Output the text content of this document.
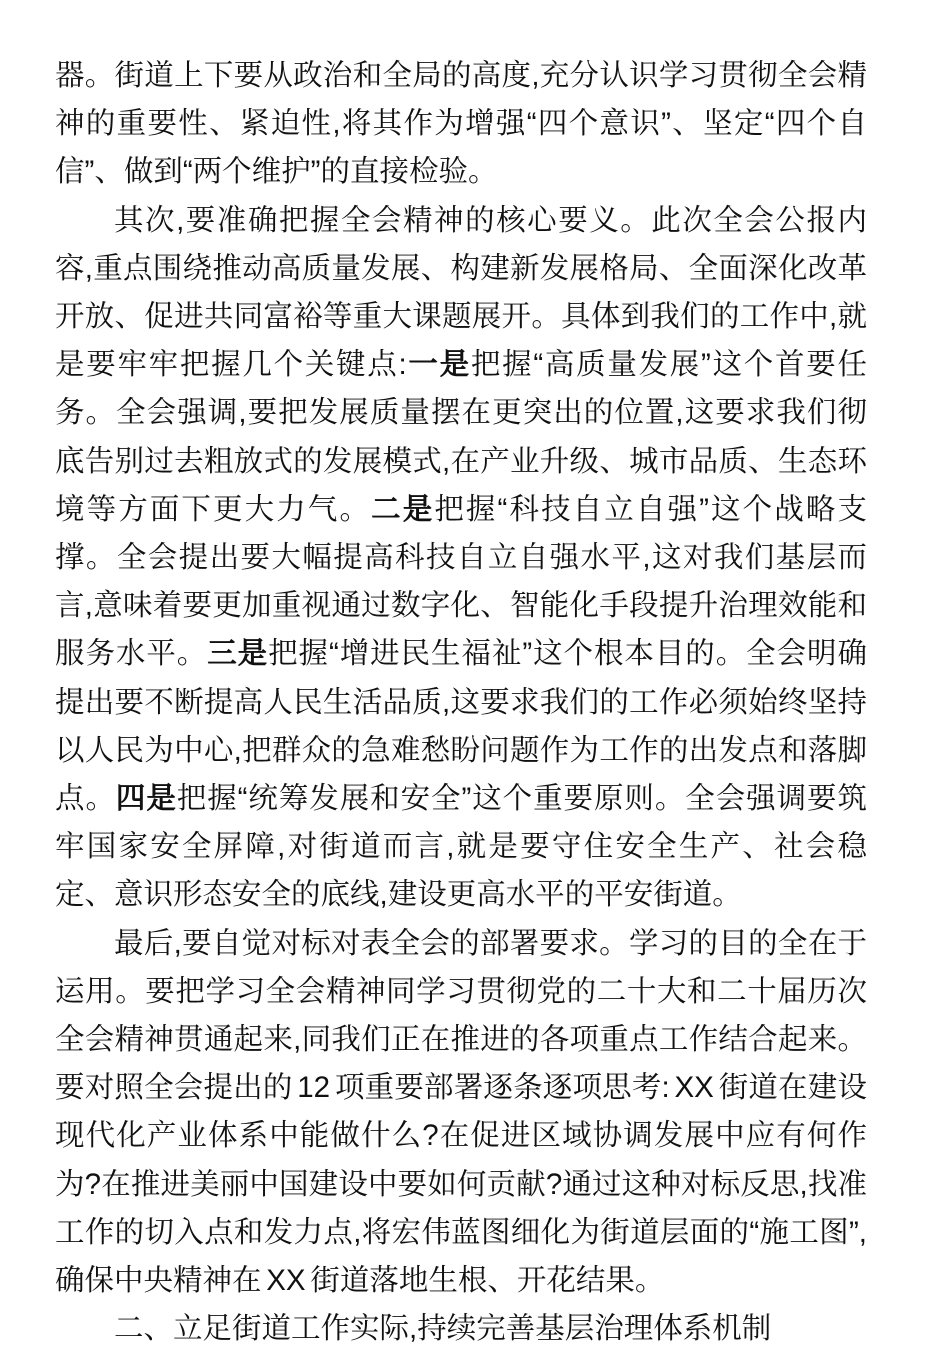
器。街道上下要从政治和全局的高度,充分认识学习贯彻全会精神的重要性、紧迫性,将其作为增强“四个意识”、坚定“四个自信”、做到“两个维护”的直接检验。

其次,要准确把握全会精神的核心要义。此次全会公报内容,重点围绕推动高质量发展、构建新发展格局、全面深化改革开放、促进共同富裕等重大课题展开。具体到我们的工作中,就是要牢牢把握几个关键点:一是把握“高质量发展”这个首要任务。全会强调,要把发展质量摆在更突出的位置,这要求我们彻底告别过去粗放式的发展模式,在产业升级、城市品质、生态环境等方面下更大力气。二是把握“科技自立自强”这个战略支撑。全会提出要大幅提高科技自立自强水平,这对我们基层而言,意味着要更加重视通过数字化、智能化手段提升治理效能和服务水平。三是把握“增进民生福祉”这个根本目的。全会明确提出要不断提高人民生活品质,这要求我们的工作必须始终坚持以人民为中心,把群众的急难愁盼问题作为工作的出发点和落脚点。四是把握“统筹发展和安全”这个重要原则。全会强调要筑牢国家安全屏障,对街道而言,就是要守住安全生产、社会稳定、意识形态安全的底线,建设更高水平的平安街道。

最后,要自觉对标对表全会的部署要求。学习的目的全在于运用。要把学习全会精神同学习贯彻党的二十大和二十届历次全会精神贯通起来,同我们正在推进的各项重点工作结合起来。要对照全会提出的 12 项重要部署逐条逐项思考: XX 街道在建设现代化产业体系中能做什么?在促进区域协调发展中应有何作为?在推进美丽中国建设中要如何贡献?通过这种对标反思,找准工作的切入点和发力点,将宏伟蓝图细化为街道层面的“施工图”,确保中央精神在 XX 街道落地生根、开花结果。

二、立足街道工作实际,持续完善基层治理体系机制
